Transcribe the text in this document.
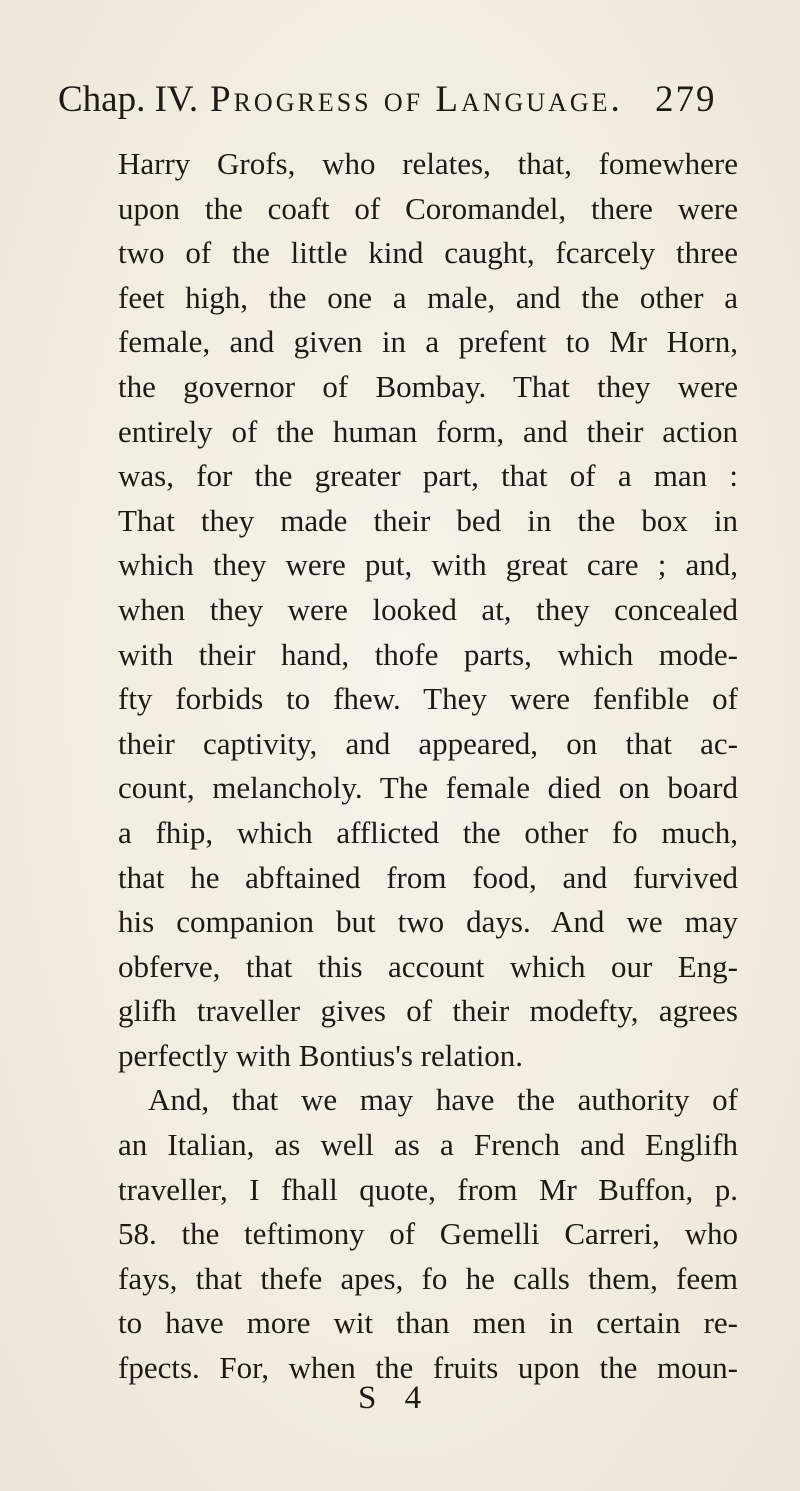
Chap. IV. Progress of Language. 279
Harry Grofs, who relates, that, fomewhere
upon the coaft of Coromandel, there were
two of the little kind caught, fcarcely three
feet high, the one a male, and the other a
female, and given in a prefent to Mr Horn,
the governor of Bombay. That they were
entirely of the human form, and their action
was, for the greater part, that of a man :
That they made their bed in the box in
which they were put, with great care ; and,
when they were looked at, they concealed
with their hand, thofe parts, which mode-
fty forbids to fhew. They were fenfible of
their captivity, and appeared, on that ac-
count, melancholy. The female died on board
a fhip, which afflicted the other fo much,
that he abftained from food, and furvived
his companion but two days. And we may
obferve, that this account which our Eng-
glifh traveller gives of their modefty, agrees
perfectly with Bontius's relation.
And, that we may have the authority of
an Italian, as well as a French and Englifh
traveller, I fhall quote, from Mr Buffon, p.
58. the teftimony of Gemelli Carreri, who
fays, that thefe apes, fo he calls them, feem
to have more wit than men in certain re-
fpects. For, when the fruits upon the moun-
S 4
